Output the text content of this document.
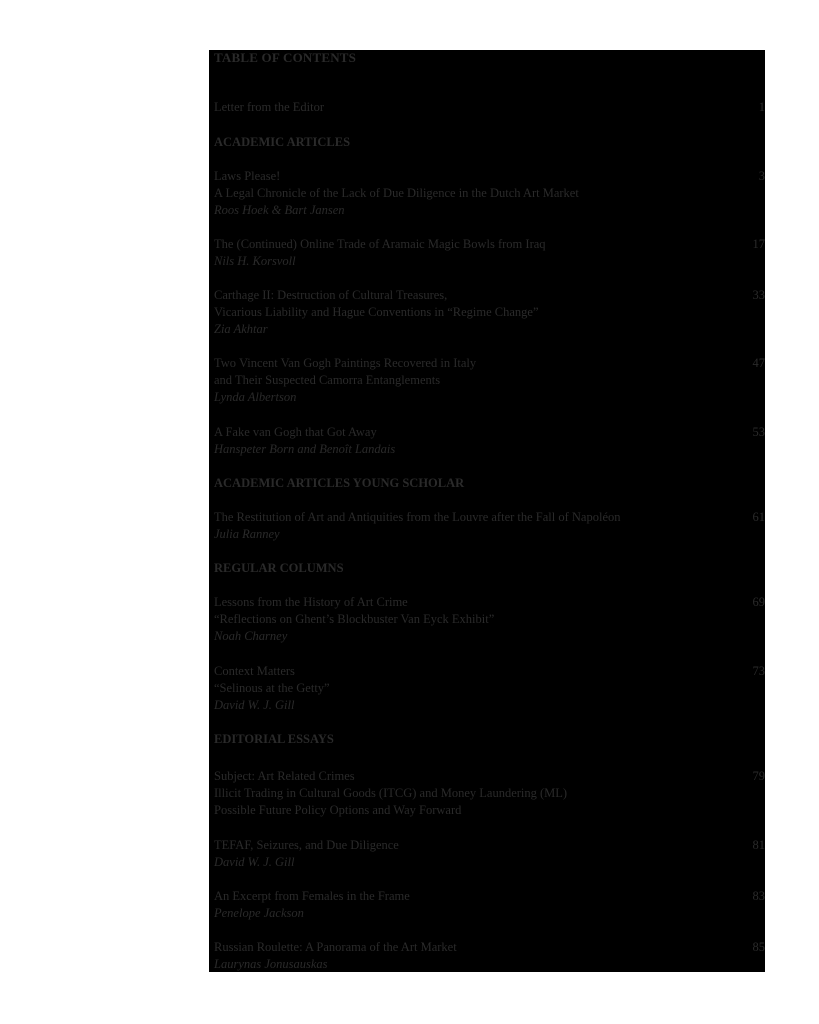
TABLE OF CONTENTS

Letter from the Editor	1
ACADEMIC ARTICLES

Laws Please!
A Legal Chronicle of the Lack of Due Diligence in the Dutch Art Market
Roos Hoek & Bart Jansen

3

The (Continued) Online Trade of Aramaic Magic Bowls from Iraq
Nils H. Korsvoll

17

Carthage II: Destruction of Cultural Treasures,
Vicarious Liability and Hague Conventions in “Regime Change”
Zia Akhtar

33

Two Vincent Van Gogh Paintings Recovered in Italy
and Their Suspected Camorra Entanglements
Lynda Albertson

47

A Fake van Gogh that Got Away
Hanspeter Born and Benoît Landais

53
ACADEMIC ARTICLES YOUNG SCHOLAR

The Restitution of Art and Antiquities from the Louvre after the Fall of Napoléon
Julia Ranney

61
REGULAR COLUMNS

Lessons from the History of Art Crime
“Reflections on Ghent’s Blockbuster Van Eyck Exhibit”
Noah Charney

69

Context Matters
“Selinous at the Getty”
David W. J. Gill

73
EDITORIAL ESSAYS

Subject: Art Related Crimes
Illicit Trading in Cultural Goods (ITCG) and Money Laundering (ML)
Possible Future Policy Options and Way Forward

79

TEFAF, Seizures, and Due Diligence
David W. J. Gill

81

An Excerpt from Females in the Frame
Penelope Jackson

83

Russian Roulette: A Panorama of the Art Market
Laurynas Jonusauskas

85
